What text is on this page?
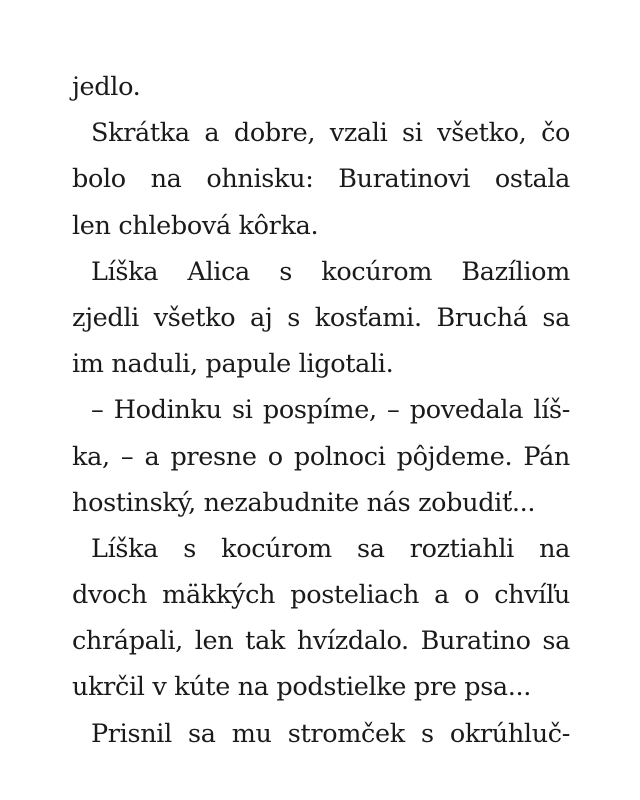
jedlo.
Skrátka a dobre, vzali si všetko, čo
bolo na ohnisku: Buratinovi ostala
len chlebová kôrka.
Líška Alica s kocúrom Bazíliom
zjedli všetko aj s kosťami. Bruchá sa
im naduli, papule ligotali.
– Hodinku si pospíme, – povedala líš-
ka, – a presne o polnoci pôjdeme. Pán
hostinský, nezabudnite nás zobudiť...
Líška s kocúrom sa roztiahli na
dvoch mäkkých posteliach a o chvíľu
chrápali, len tak hvízdalo. Buratino sa
ukrčil v kúte na podstielke pre psa...
Prisnil sa mu stromček s okrúhluč-
